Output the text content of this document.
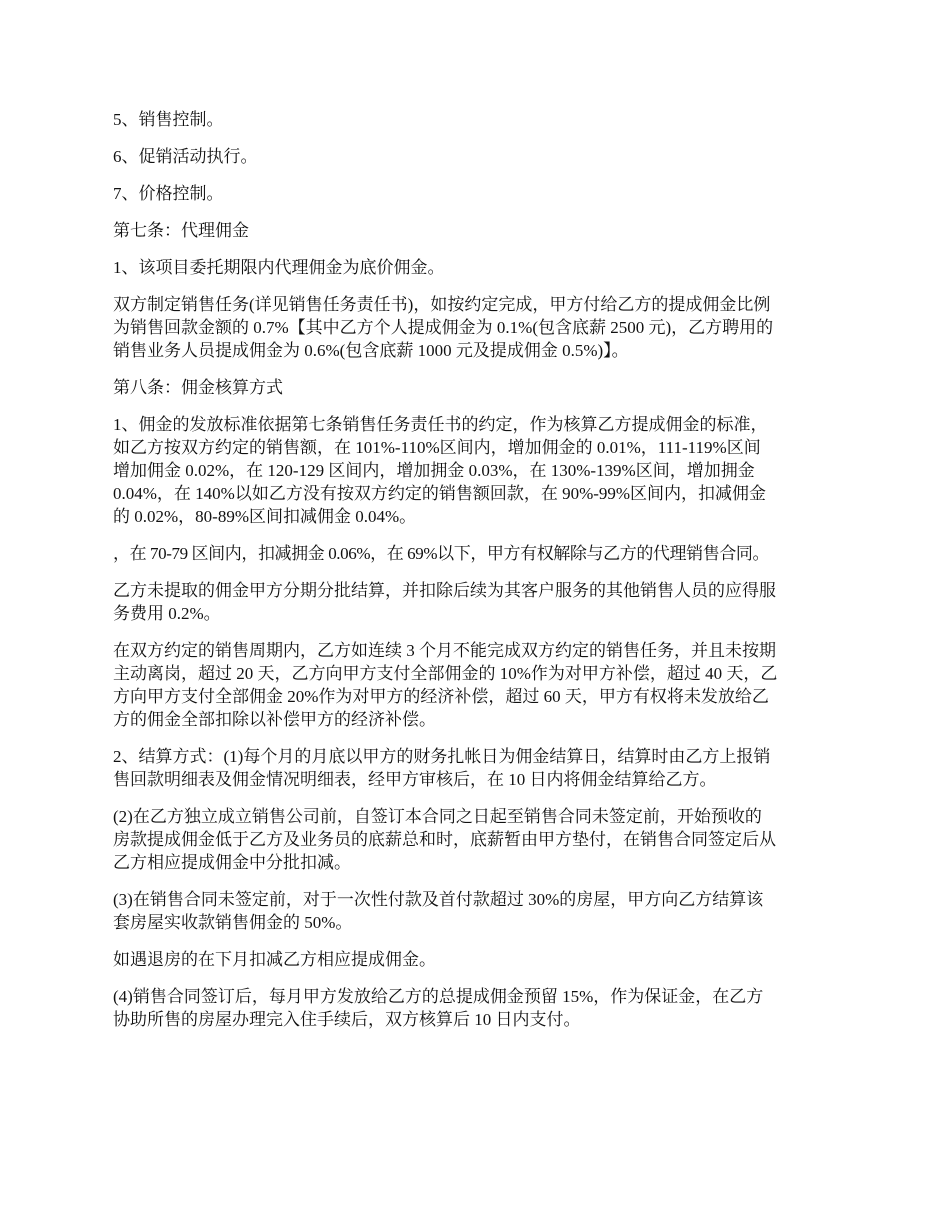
5、销售控制。

6、促销活动执行。

7、价格控制。

第七条：代理佣金

1、该项目委托期限内代理佣金为底价佣金。

双方制定销售任务(详见销售任务责任书)，如按约定完成，甲方付给乙方的提成佣金比例
为销售回款金额的 0.7%【其中乙方个人提成佣金为 0.1%(包含底薪 2500 元)，乙方聘用的
销售业务人员提成佣金为 0.6%(包含底薪 1000 元及提成佣金 0.5%)】。

第八条：佣金核算方式

1、佣金的发放标准依据第七条销售任务责任书的约定，作为核算乙方提成佣金的标准，
如乙方按双方约定的销售额，在 101%-110%区间内，增加佣金的 0.01%，111-119%区间
增加佣金 0.02%，在 120-129 区间内，增加拥金 0.03%，在 130%-139%区间，增加拥金
0.04%，在 140%以如乙方没有按双方约定的销售额回款，在 90%-99%区间内，扣减佣金
的 0.02%，80-89%区间扣减佣金 0.04%。

，在 70-79 区间内，扣减拥金 0.06%，在 69%以下，甲方有权解除与乙方的代理销售合同。

乙方未提取的佣金甲方分期分批结算，并扣除后续为其客户服务的其他销售人员的应得服
务费用 0.2%。

在双方约定的销售周期内，乙方如连续 3 个月不能完成双方约定的销售任务，并且未按期
主动离岗，超过 20 天，乙方向甲方支付全部佣金的 10%作为对甲方补偿，超过 40 天，乙
方向甲方支付全部佣金 20%作为对甲方的经济补偿，超过 60 天，甲方有权将未发放给乙
方的佣金全部扣除以补偿甲方的经济补偿。

2、结算方式：(1)每个月的月底以甲方的财务扎帐日为佣金结算日，结算时由乙方上报销
售回款明细表及佣金情况明细表，经甲方审核后，在 10 日内将佣金结算给乙方。

(2)在乙方独立成立销售公司前，自签订本合同之日起至销售合同未签定前，开始预收的
房款提成佣金低于乙方及业务员的底薪总和时，底薪暂由甲方垫付，在销售合同签定后从
乙方相应提成佣金中分批扣减。

(3)在销售合同未签定前，对于一次性付款及首付款超过 30%的房屋，甲方向乙方结算该
套房屋实收款销售佣金的 50%。

如遇退房的在下月扣减乙方相应提成佣金。

(4)销售合同签订后，每月甲方发放给乙方的总提成佣金预留 15%，作为保证金，在乙方
协助所售的房屋办理完入住手续后，双方核算后 10 日内支付。
